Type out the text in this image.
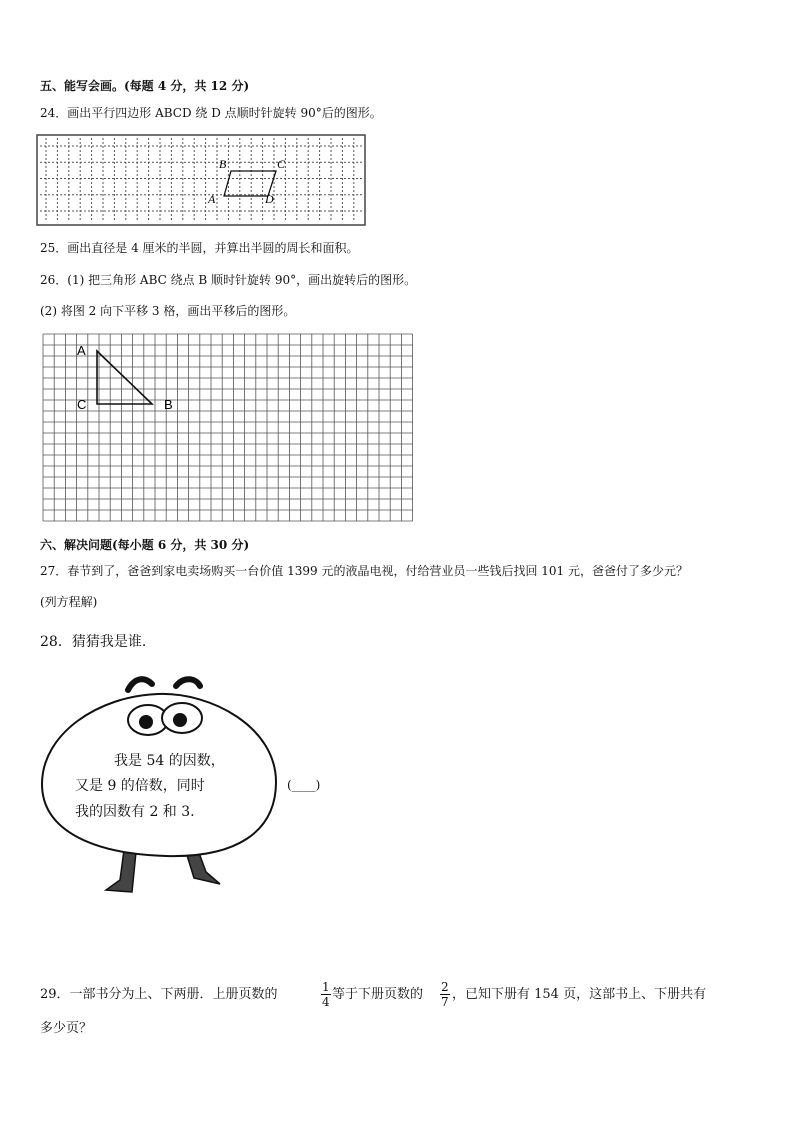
五、能写会画。(每题 4 分，共 12 分)
24．画出平行四边形 ABCD 绕 D 点顺时针旋转 90°后的图形。
B	C
A	D
25．画出直径是 4 厘米的半圆，并算出半圆的周长和面积。
26．(1) 把三角形 ABC 绕点 B 顺时针旋转 90°，画出旋转后的图形。
(2) 将图 2 向下平移 3 格，画出平移后的图形。
A
C	B
六、解决问题(每小题 6 分，共 30 分)
27．春节到了，爸爸到家电卖场购买一台价值 1399 元的液晶电视，付给营业员一些钱后找回 101 元，爸爸付了多少元？
(列方程解)
28．猜猜我是谁.
我是 54 的因数，
又是 9 的倍数，同时
我的因数有 2 和 3.
(____)
29．一部书分为上、下两册．上册页数的	1
4 等于下册页数的 2
7 ，已知下册有 154 页，这部书上、下册共有
多少页？
